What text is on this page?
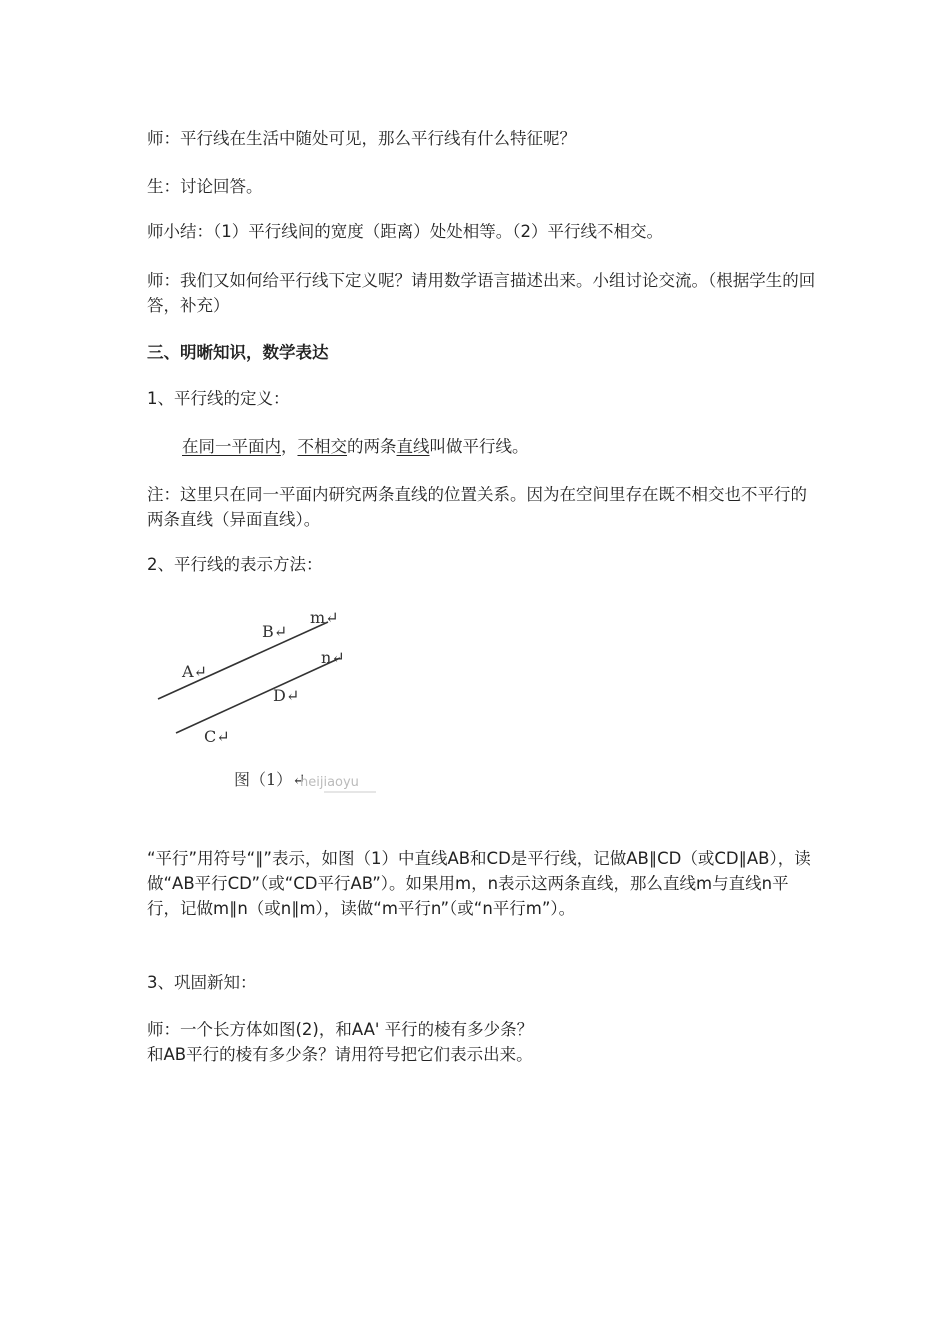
师：平行线在生活中随处可见，那么平行线有什么特征呢？
生：讨论回答。
师小结：（1）平行线间的宽度（距离）处处相等。（2）平行线不相交。
师：我们又如何给平行线下定义呢？请用数学语言描述出来。小组讨论交流。（根据学生的回答，补充）
三、明晰知识，数学表达
1、平行线的定义：
在同一平面内，不相交的两条直线叫做平行线。
注：这里只在同一平面内研究两条直线的位置关系。因为在空间里存在既不相交也不平行的两条直线（异面直线）。
2、平行线的表示方法：
m↵
B↵
n↵
A↵
D↵
C↵
图（1）↵
heijiaoyu
“平行”用符号“∥”表示，如图（1）中直线AB和CD是平行线，记做AB∥CD（或CD∥AB），读做“AB平行CD”（或“CD平行AB”）。如果用m，n表示这两条直线，那么直线m与直线n平行，记做m∥n（或n∥m），读做“m平行n”（或“n平行m”）。
3、巩固新知：
师：一个长方体如图(2)，和AA' 平行的棱有多少条？
和AB平行的棱有多少条？请用符号把它们表示出来。
